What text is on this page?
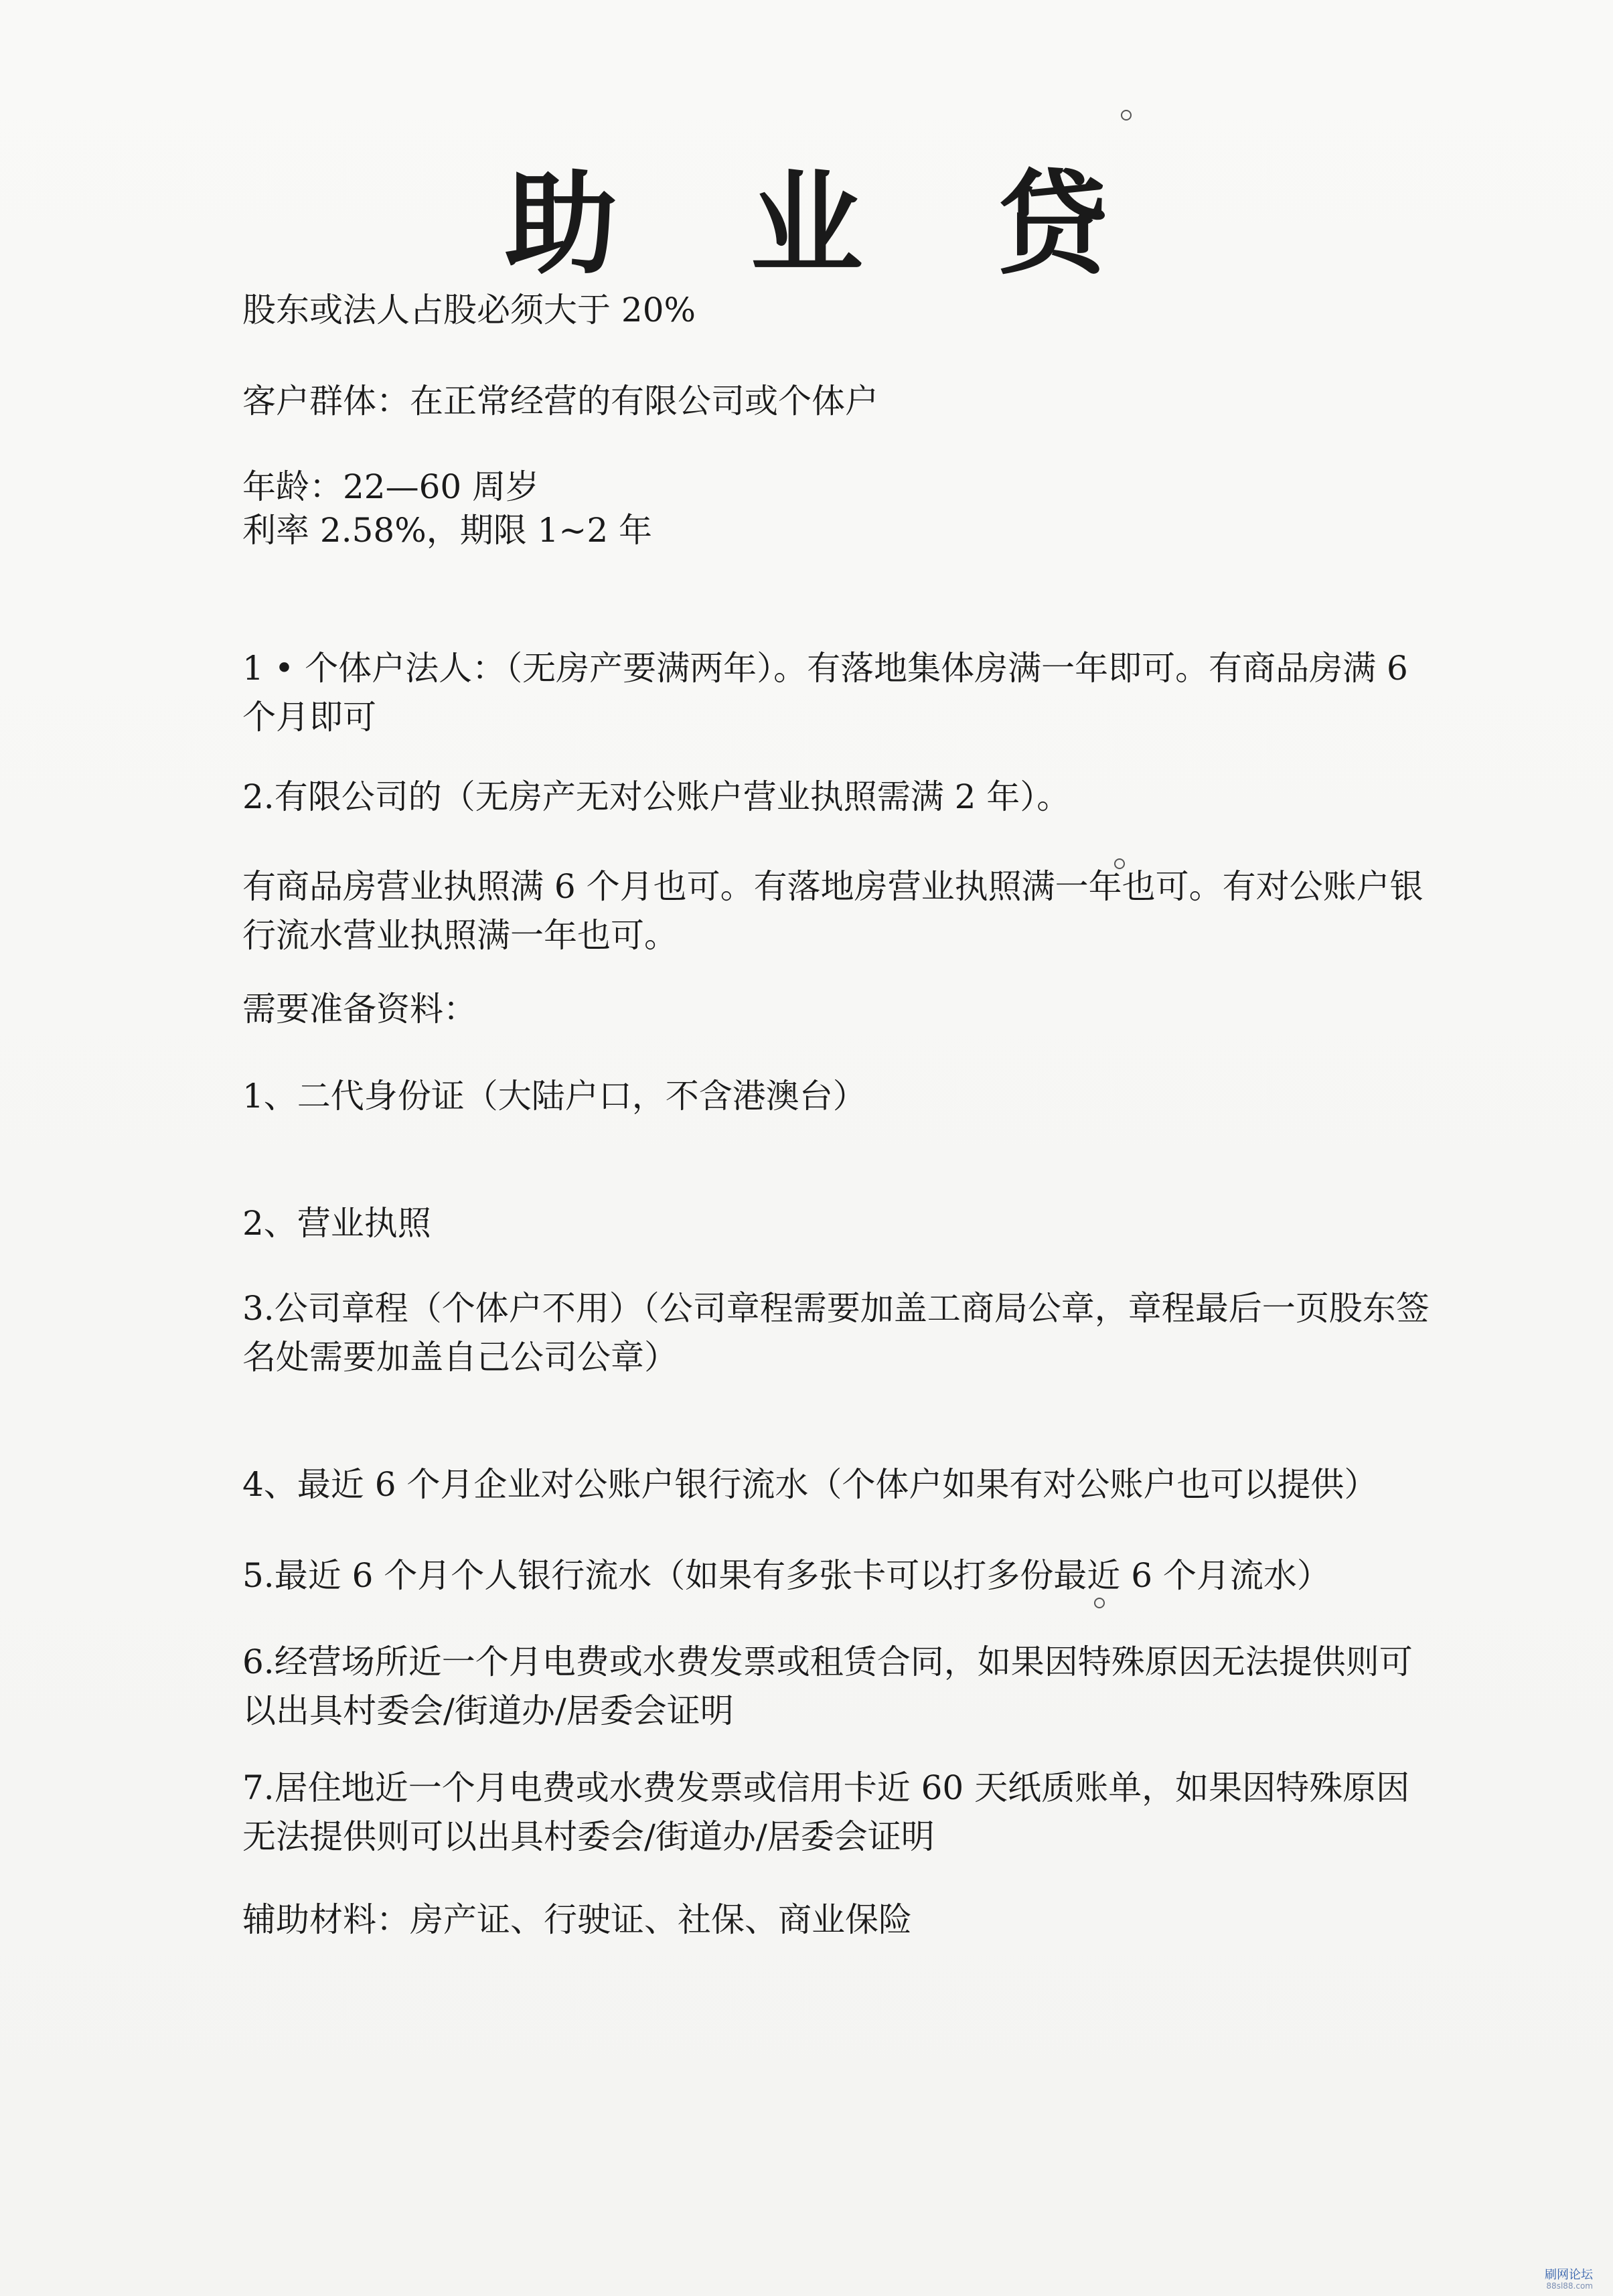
助 业 贷
股东或法人占股必须大于 20%
客户群体：在正常经营的有限公司或个体户
年龄：22—60 周岁
利率 2.58%，期限 1~2 年
1 • 个体户法人：（无房产要满两年）。有落地集体房满一年即可。有商品房满 6 个月即可
2.有限公司的（无房产无对公账户营业执照需满 2 年）。
有商品房营业执照满 6 个月也可。有落地房营业执照满一年也可。有对公账户银行流水营业执照满一年也可。
需要准备资料：
1、二代身份证（大陆户口，不含港澳台）
2、营业执照
3.公司章程（个体户不用）（公司章程需要加盖工商局公章，章程最后一页股东签名处需要加盖自己公司公章）
4、最近 6 个月企业对公账户银行流水（个体户如果有对公账户也可以提供）
5.最近 6 个月个人银行流水（如果有多张卡可以打多份最近 6 个月流水）
6.经营场所近一个月电费或水费发票或租赁合同，如果因特殊原因无法提供则可以出具村委会/街道办/居委会证明
7.居住地近一个月电费或水费发票或信用卡近 60 天纸质账单，如果因特殊原因无法提供则可以出具村委会/街道办/居委会证明
辅助材料：房产证、行驶证、社保、商业保险
刷网论坛
88sl88.com
